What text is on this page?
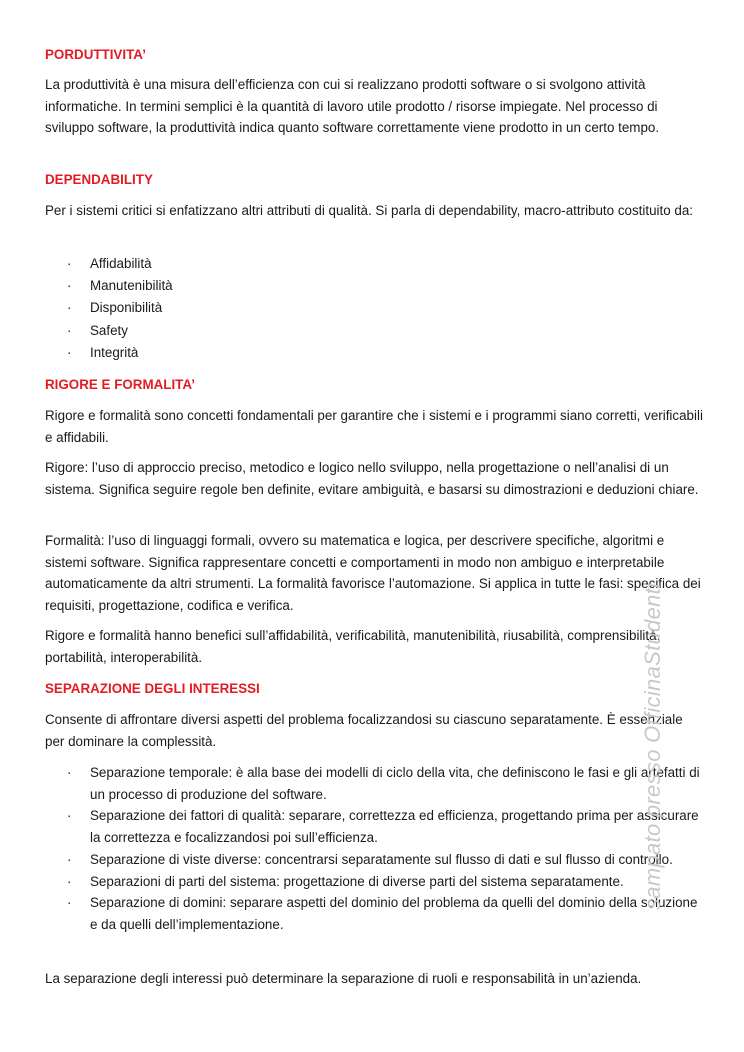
PORDUTTIVITA’
La produttività è una misura dell’efficienza con cui si realizzano prodotti software o si svolgono attività informatiche. In termini semplici è la quantità di lavoro utile prodotto / risorse impiegate. Nel processo di sviluppo software, la produttività indica quanto software correttamente viene prodotto in un certo tempo.
DEPENDABILITY
Per i sistemi critici si enfatizzano altri attributi di qualità. Si parla di dependability, macro-attributo costituito da:
· Affidabilità
· Manutenibilità
· Disponibilità
· Safety
· Integrità
RIGORE E FORMALITA’
Rigore e formalità sono concetti fondamentali per garantire che i sistemi e i programmi siano corretti, verificabili e affidabili.
Rigore: l’uso di approccio preciso, metodico e logico nello sviluppo, nella progettazione o nell’analisi di un sistema. Significa seguire regole ben definite, evitare ambiguità, e basarsi su dimostrazioni e deduzioni chiare.
Formalità: l’uso di linguaggi formali, ovvero su matematica e logica, per descrivere specifiche, algoritmi e sistemi software. Significa rappresentare concetti e comportamenti in modo non ambiguo e interpretabile automaticamente da altri strumenti. La formalità favorisce l’automazione. Si applica in tutte le fasi: specifica dei requisiti, progettazione, codifica e verifica.
Rigore e formalità hanno benefici sull’affidabilità, verificabilità, manutenibilità, riusabilità, comprensibilità, portabilità, interoperabilità.
SEPARAZIONE DEGLI INTERESSI
Consente di affrontare diversi aspetti del problema focalizzandosi su ciascuno separatamente. È essenziale per dominare la complessità.
· Separazione temporale: è alla base dei modelli di ciclo della vita, che definiscono le fasi e gli artefatti di un processo di produzione del software.
· Separazione dei fattori di qualità: separare, correttezza ed efficienza, progettando prima per assicurare la correttezza e focalizzandosi poi sull’efficienza.
· Separazione di viste diverse: concentrarsi separatamente sul flusso di dati e sul flusso di controllo.
· Separazioni di parti del sistema: progettazione di diverse parti del sistema separatamente.
· Separazione di domini: separare aspetti del dominio del problema da quelli del dominio della soluzione e da quelli dell’implementazione.
La separazione degli interessi può determinare la separazione di ruoli e responsabilità in un’azienda.
sampato presso OfficinaStudenti
